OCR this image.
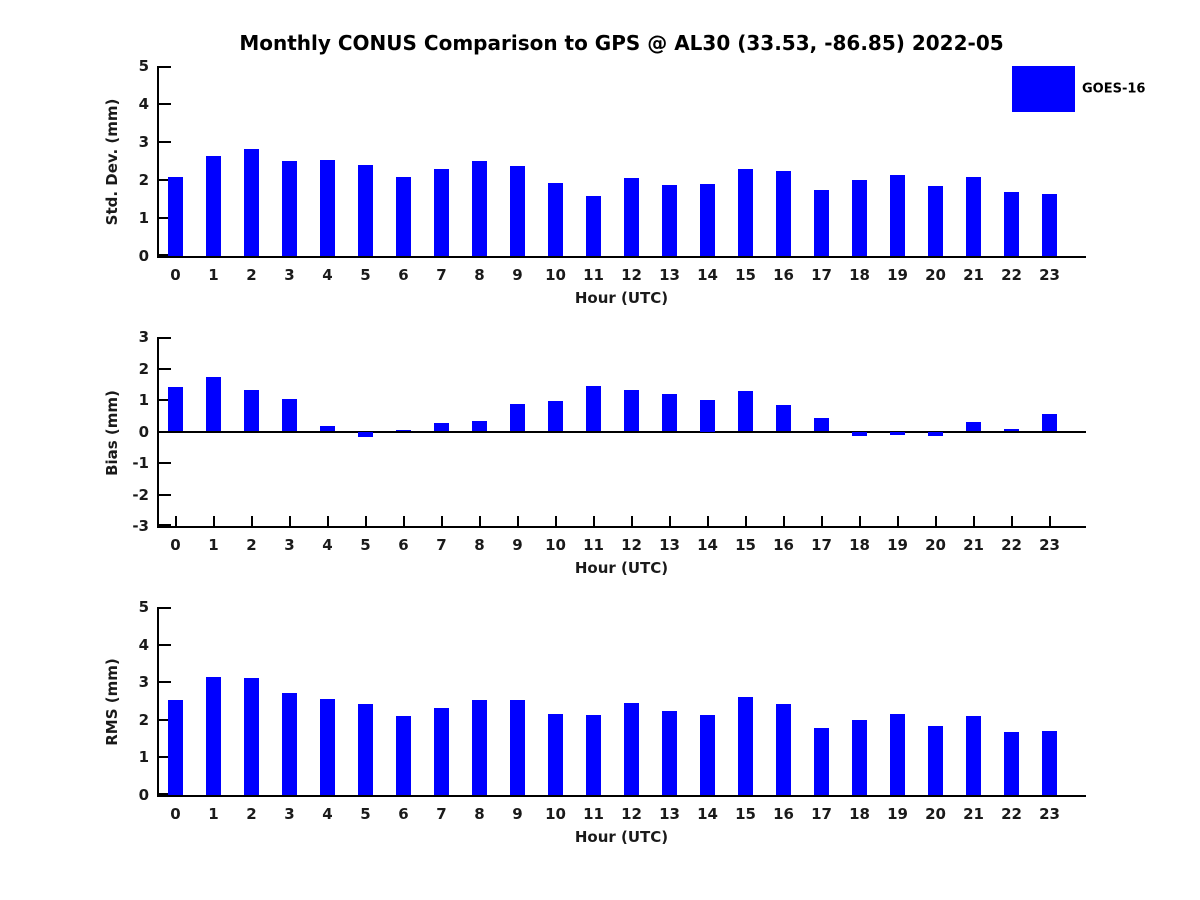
Monthly CONUS Comparison to GPS @ AL30 (33.53, -86.85) 2022-05
GOES-16
Std. Dev. (mm)
Hour (UTC)
Bias (mm)
Hour (UTC)
RMS (mm)
Hour (UTC)
0
1
2
3
4
5
0 1 2 3 4 5 6 7 8 9 10 11 12 13 14 15 16 17 18 19 20 21 22 23
-3
-2
-1
0
1
2
3
0 1 2 3 4 5 6 7 8 9 10 11 12 13 14 15 16 17 18 19 20 21 22 23
0
1
2
3
4
5
0 1 2 3 4 5 6 7 8 9 10 11 12 13 14 15 16 17 18 19 20 21 22 23
